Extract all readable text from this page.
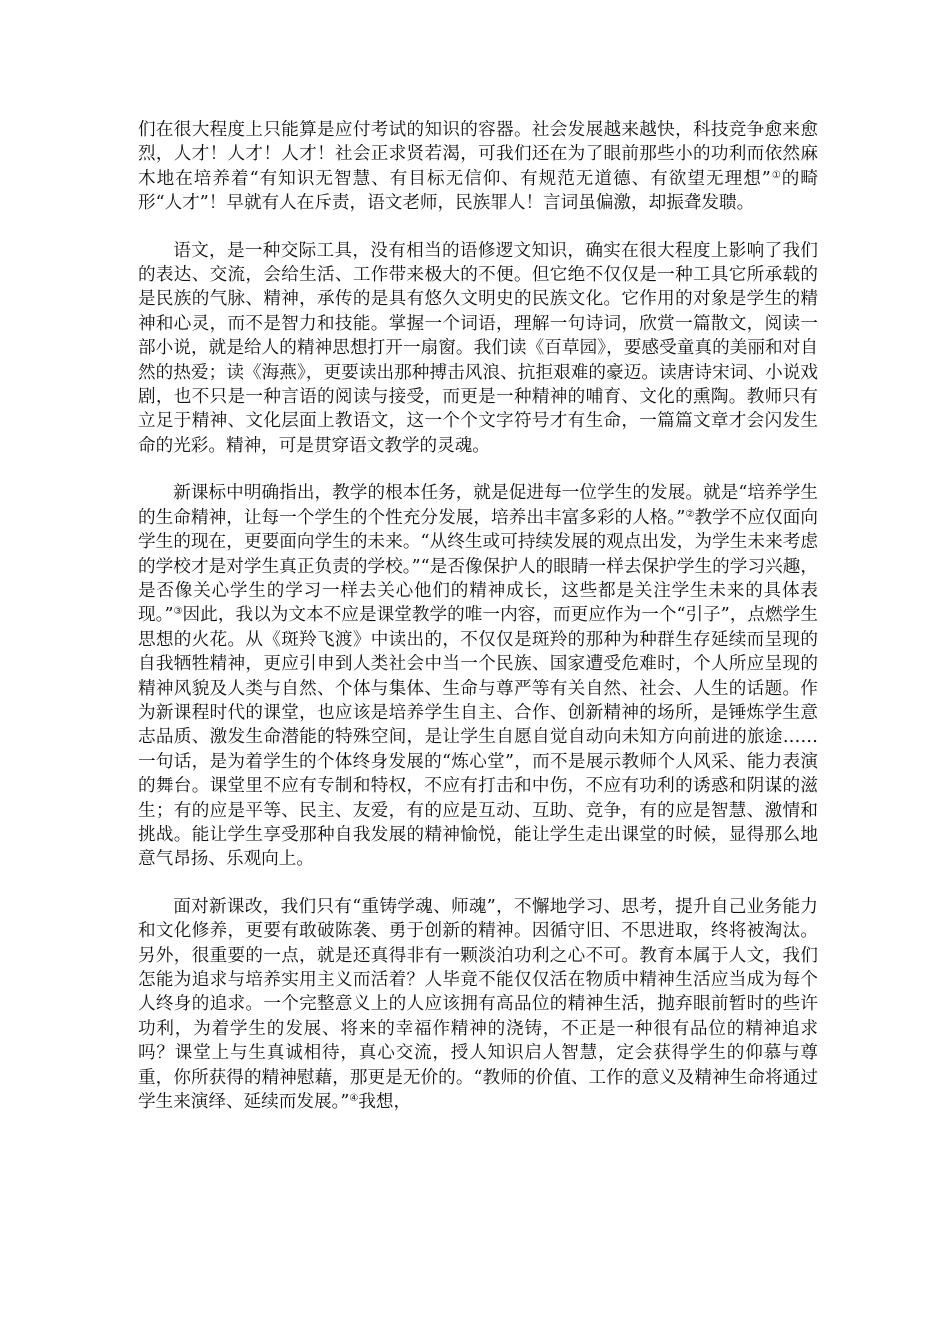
们在很大程度上只能算是应付考试的知识的容器。社会发展越来越快，科技竞争愈来愈烈，人才！人才！人才！社会正求贤若渴，可我们还在为了眼前那些小的功利而依然麻木地在培养着“有知识无智慧、有目标无信仰、有规范无道德、有欲望无理想”①的畸形“人才”！早就有人在斥责，语文老师，民族罪人！言词虽偏激，却振聋发聩。

语文，是一种交际工具，没有相当的语修逻文知识，确实在很大程度上影响了我们的表达、交流，会给生活、工作带来极大的不便。但它绝不仅仅是一种工具它所承载的是民族的气脉、精神，承传的是具有悠久文明史的民族文化。它作用的对象是学生的精神和心灵，而不是智力和技能。掌握一个词语，理解一句诗词，欣赏一篇散文，阅读一部小说，就是给人的精神思想打开一扇窗。我们读《百草园》，要感受童真的美丽和对自然的热爱；读《海燕》，更要读出那种搏击风浪、抗拒艰难的豪迈。读唐诗宋词、小说戏剧，也不只是一种言语的阅读与接受，而更是一种精神的哺育、文化的熏陶。教师只有立足于精神、文化层面上教语文，这一个个文字符号才有生命，一篇篇文章才会闪发生命的光彩。精神，可是贯穿语文教学的灵魂。

新课标中明确指出，教学的根本任务，就是促进每一位学生的发展。就是“培养学生的生命精神，让每一个学生的个性充分发展，培养出丰富多彩的人格。”②教学不应仅面向学生的现在，更要面向学生的未来。“从终生或可持续发展的观点出发，为学生未来考虑的学校才是对学生真正负责的学校。”“是否像保护人的眼睛一样去保护学生的学习兴趣，是否像关心学生的学习一样去关心他们的精神成长，这些都是关注学生未来的具体表现。”③因此，我以为文本不应是课堂教学的唯一内容，而更应作为一个“引子”，点燃学生思想的火花。从《斑羚飞渡》中读出的，不仅仅是斑羚的那种为种群生存延续而呈现的自我牺牲精神，更应引申到人类社会中当一个民族、国家遭受危难时，个人所应呈现的精神风貌及人类与自然、个体与集体、生命与尊严等有关自然、社会、人生的话题。作为新课程时代的课堂，也应该是培养学生自主、合作、创新精神的场所，是锤炼学生意志品质、激发生命潜能的特殊空间，是让学生自愿自觉自动向未知方向前进的旅途……一句话，是为着学生的个体终身发展的“炼心堂”，而不是展示教师个人风采、能力表演的舞台。课堂里不应有专制和特权，不应有打击和中伤，不应有功利的诱惑和阴谋的滋生；有的应是平等、民主、友爱，有的应是互动、互助、竞争，有的应是智慧、激情和挑战。能让学生享受那种自我发展的精神愉悦，能让学生走出课堂的时候，显得那么地意气昂扬、乐观向上。

面对新课改，我们只有“重铸学魂、师魂”，不懈地学习、思考，提升自己业务能力和文化修养，更要有敢破陈袭、勇于创新的精神。因循守旧、不思进取，终将被淘汰。另外，很重要的一点，就是还真得非有一颗淡泊功利之心不可。教育本属于人文，我们怎能为追求与培养实用主义而活着？人毕竟不能仅仅活在物质中精神生活应当成为每个人终身的追求。一个完整意义上的人应该拥有高品位的精神生活，抛弃眼前暂时的些许功利，为着学生的发展、将来的幸福作精神的浇铸，不正是一种很有品位的精神追求吗？课堂上与生真诚相待，真心交流，授人知识启人智慧，定会获得学生的仰慕与尊重，你所获得的精神慰藉，那更是无价的。“教师的价值、工作的意义及精神生命将通过学生来演绎、延续而发展。”④我想，
